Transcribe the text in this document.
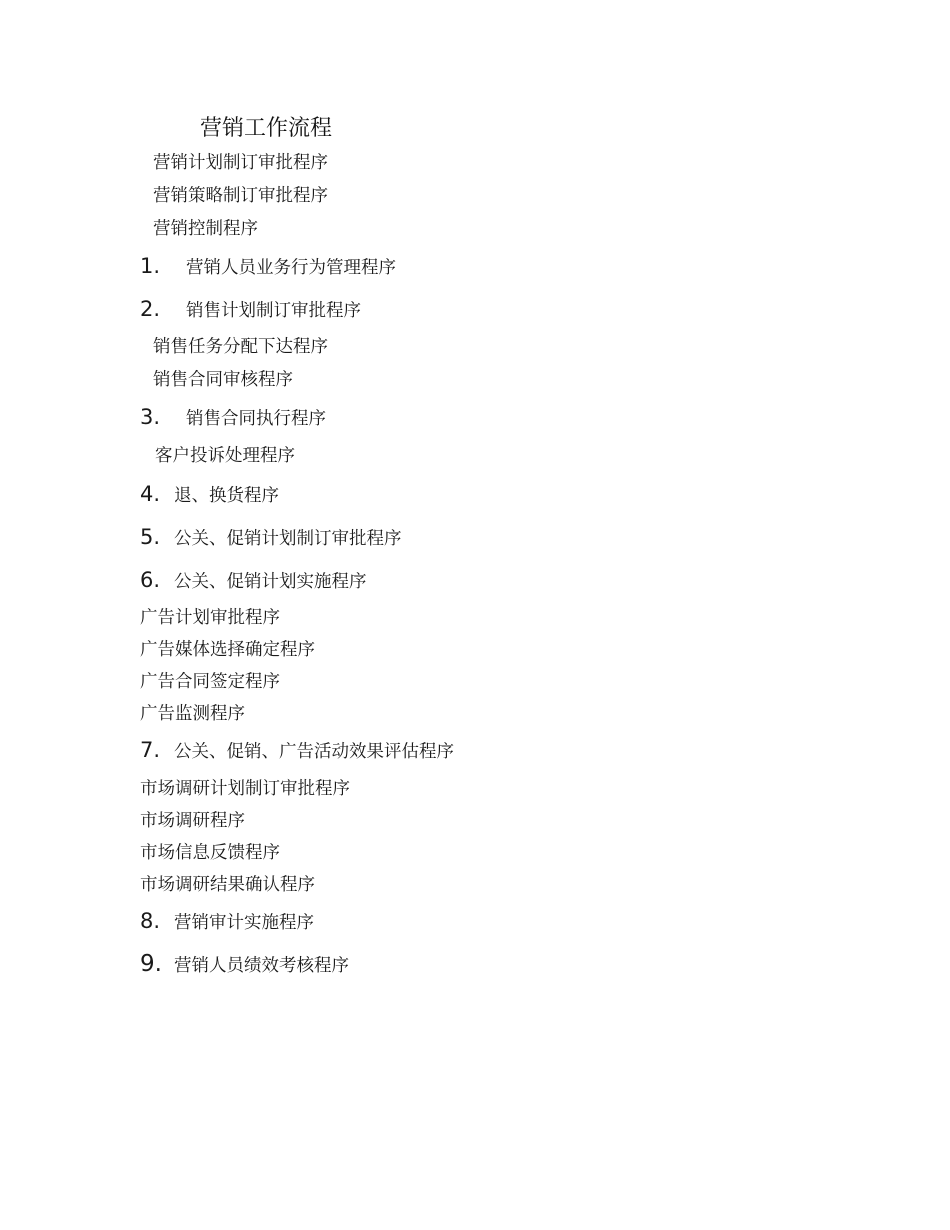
营销工作流程
营销计划制订审批程序
营销策略制订审批程序
营销控制程序
1. 营销人员业务行为管理程序
2. 销售计划制订审批程序
销售任务分配下达程序
销售合同审核程序
3. 销售合同执行程序
客户投诉处理程序
4. 退、换货程序
5. 公关、促销计划制订审批程序
6. 公关、促销计划实施程序
广告计划审批程序
广告媒体选择确定程序
广告合同签定程序
广告监测程序
7. 公关、促销、广告活动效果评估程序
市场调研计划制订审批程序
市场调研程序
市场信息反馈程序
市场调研结果确认程序
8. 营销审计实施程序
9. 营销人员绩效考核程序
